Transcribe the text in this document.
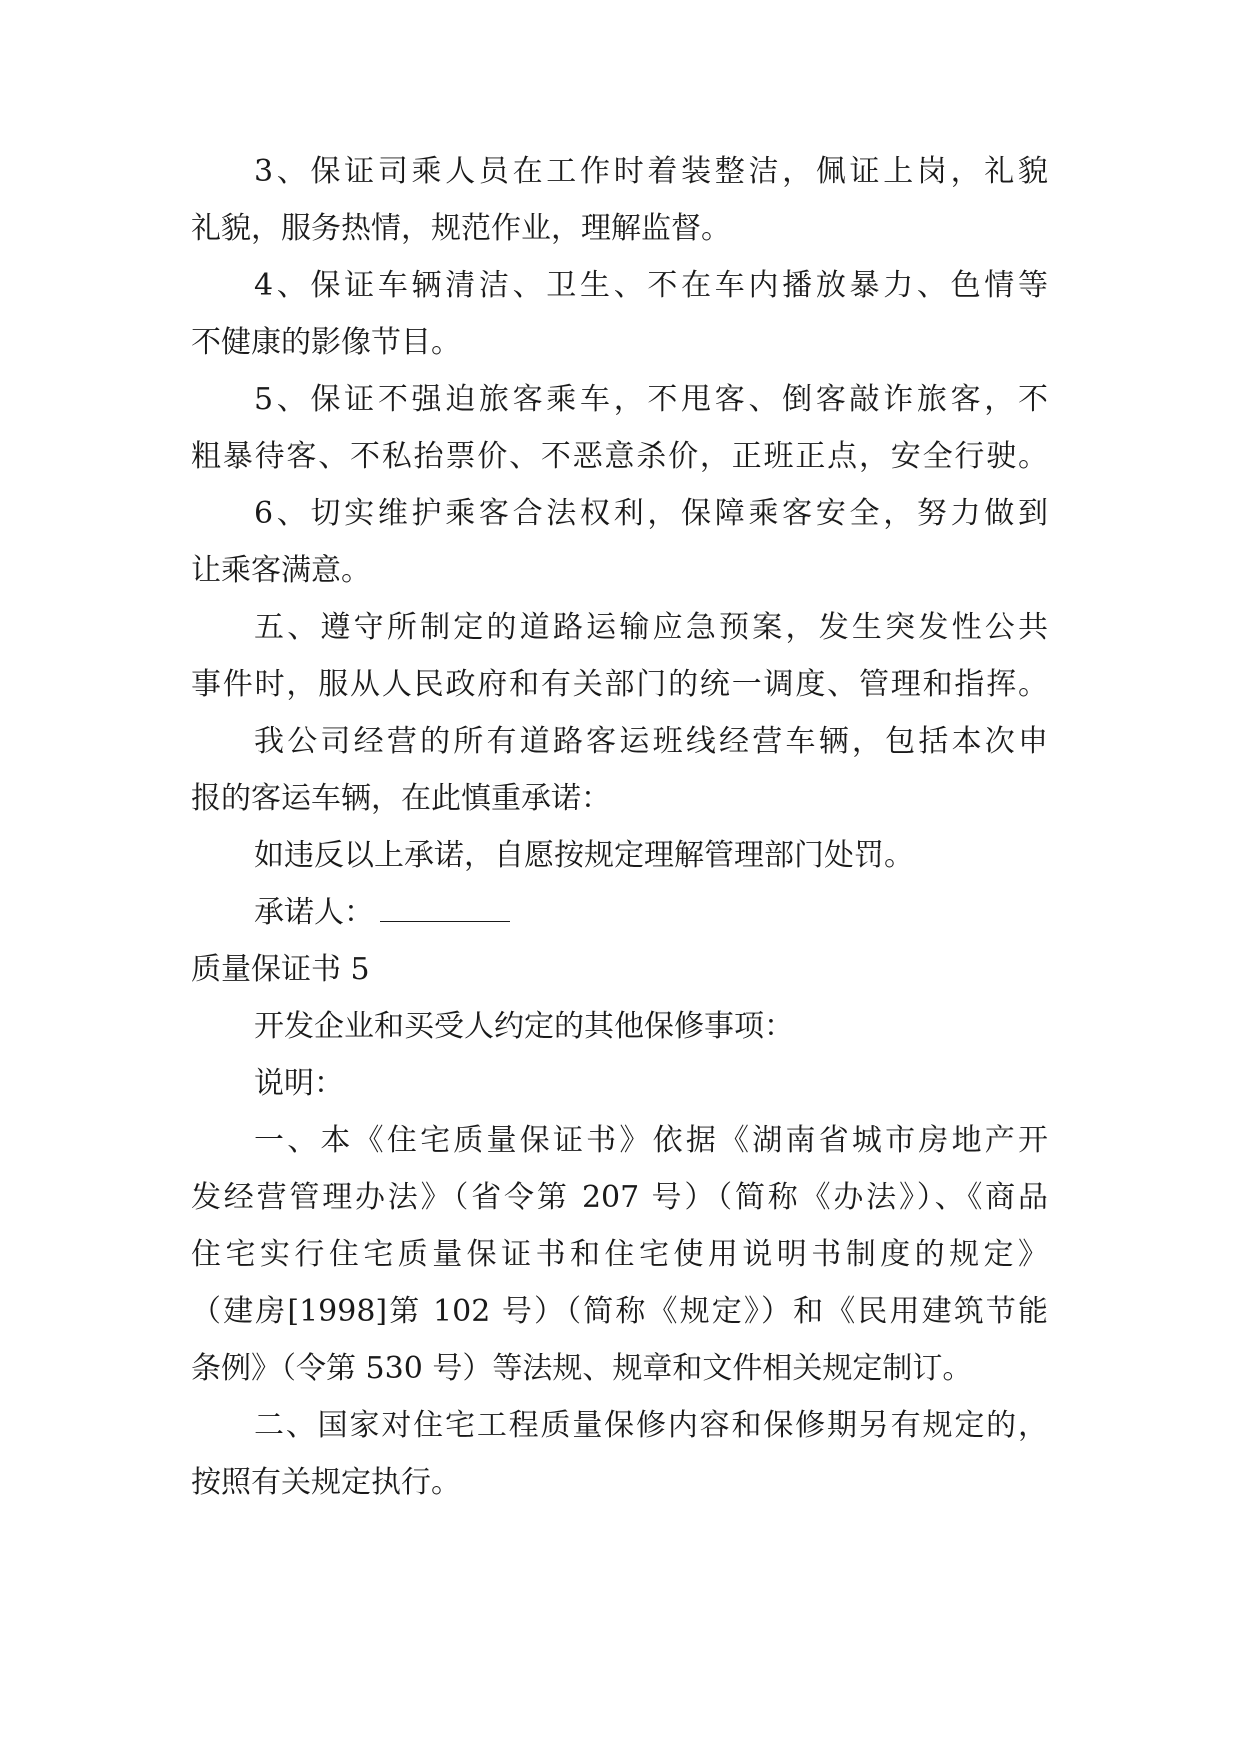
3、保证司乘人员在工作时着装整洁，佩证上岗，礼貌
礼貌，服务热情，规范作业，理解监督。
4、保证车辆清洁、卫生、不在车内播放暴力、色情等
不健康的影像节目。
5、保证不强迫旅客乘车，不甩客、倒客敲诈旅客，不
粗暴待客、不私抬票价、不恶意杀价，正班正点，安全行驶。
6、切实维护乘客合法权利，保障乘客安全，努力做到
让乘客满意。
五、遵守所制定的道路运输应急预案，发生突发性公共
事件时，服从人民政府和有关部门的统一调度、管理和指挥。
我公司经营的所有道路客运班线经营车辆，包括本次申
报的客运车辆，在此慎重承诺：
如违反以上承诺，自愿按规定理解管理部门处罚。
承诺人：
质量保证书 5
开发企业和买受人约定的其他保修事项：
说明：
一、本《住宅质量保证书》依据《湖南省城市房地产开
发经营管理办法》（省令第 207 号）（简称《办法》）、《商品
住宅实行住宅质量保证书和住宅使用说明书制度的规定》
（建房[1998]第 102 号）（简称《规定》）和《民用建筑节能
条例》（令第 530 号）等法规、规章和文件相关规定制订。
二、国家对住宅工程质量保修内容和保修期另有规定的，
按照有关规定执行。
